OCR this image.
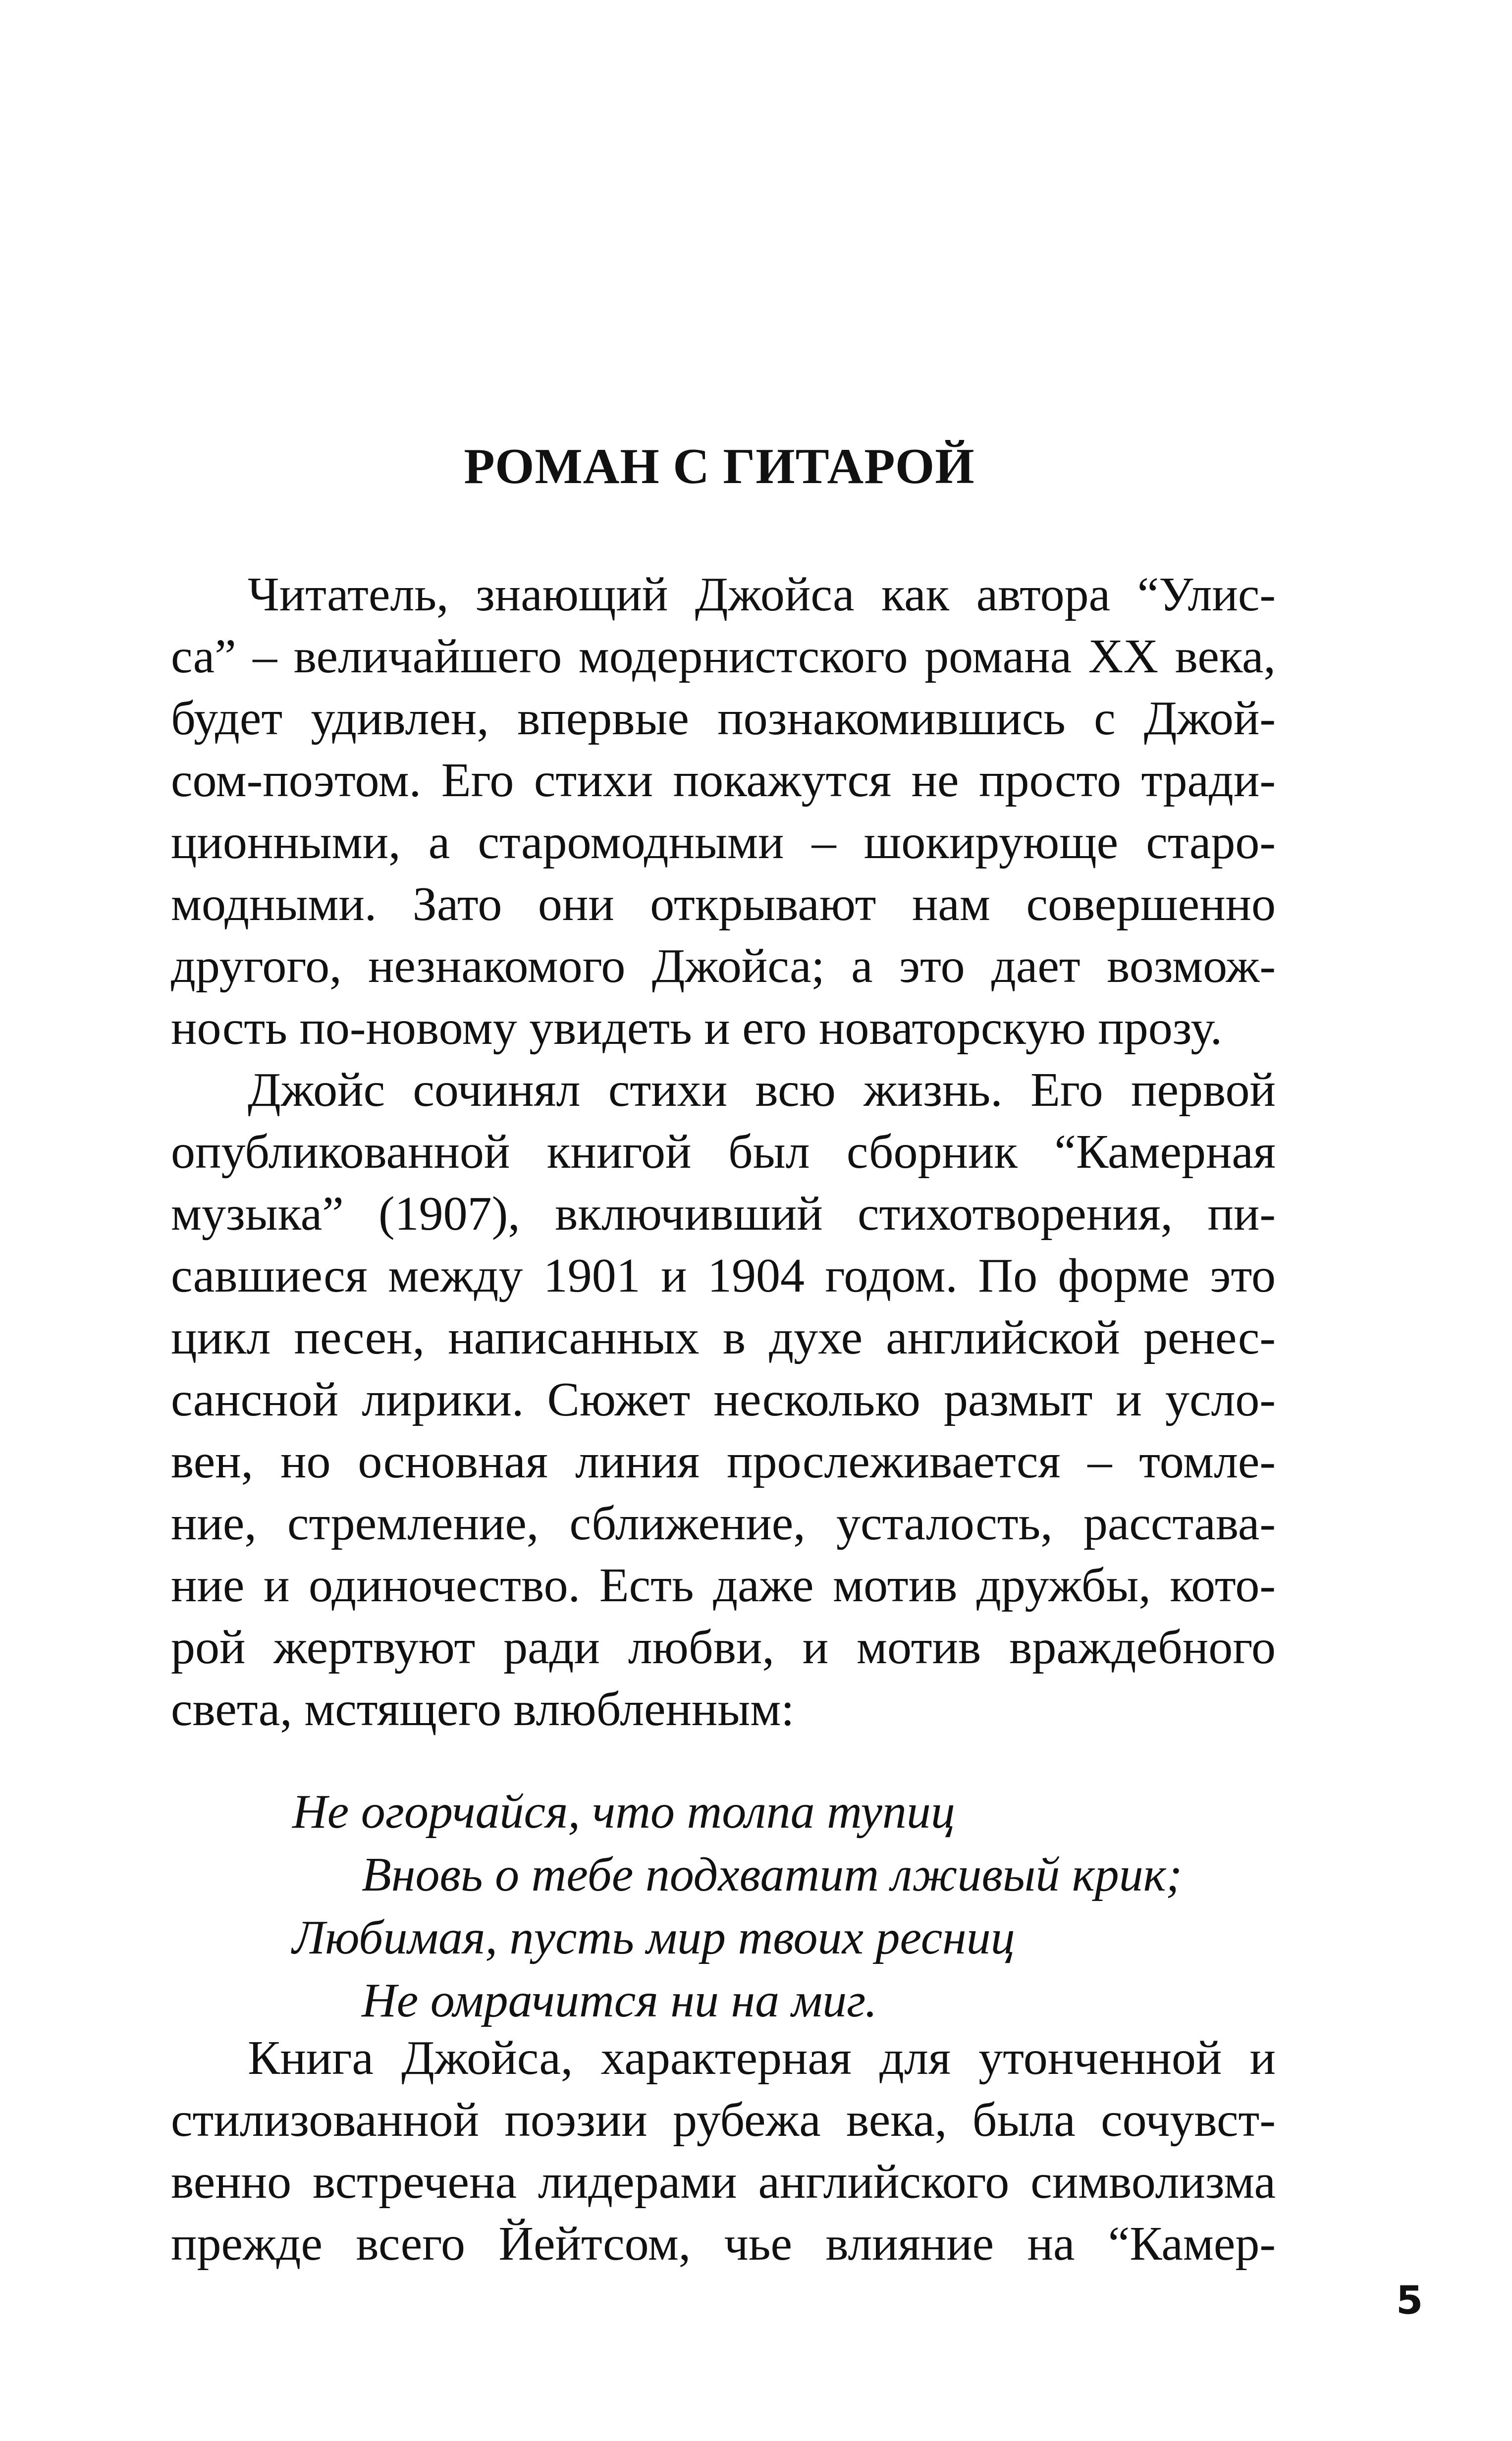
РОМАН С ГИТАРОЙ
Читатель, знающий Джойса как автора “Улис-
са” – величайшего модернистского романа XX века,
будет удивлен, впервые познакомившись с Джой-
сом-поэтом. Его стихи покажутся не просто тради-
ционными, а старомодными – шокирующе старо-
модными. Зато они открывают нам совершенно
другого, незнакомого Джойса; а это дает возмож-
ность по-новому увидеть и его новаторскую прозу.
Джойс сочинял стихи всю жизнь. Его первой
опубликованной книгой был сборник “Камерная
музыка” (1907), включивший стихотворения, пи-
савшиеся между 1901 и 1904 годом. По форме это
цикл песен, написанных в духе английской ренес-
сансной лирики. Сюжет несколько размыт и усло-
вен, но основная линия прослеживается – томле-
ние, стремление, сближение, усталость, расстава-
ние и одиночество. Есть даже мотив дружбы, кото-
рой жертвуют ради любви, и мотив враждебного
света, мстящего влюбленным:
Не огорчайся, что толпа тупиц
Вновь о тебе подхватит лживый крик;
Любимая, пусть мир твоих ресниц
Не омрачится ни на миг.
Книга Джойса, характерная для утонченной и
стилизованной поэзии рубежа века, была сочувст-
венно встречена лидерами английского символизма
прежде всего Йейтсом, чье влияние на “Камер-
5
